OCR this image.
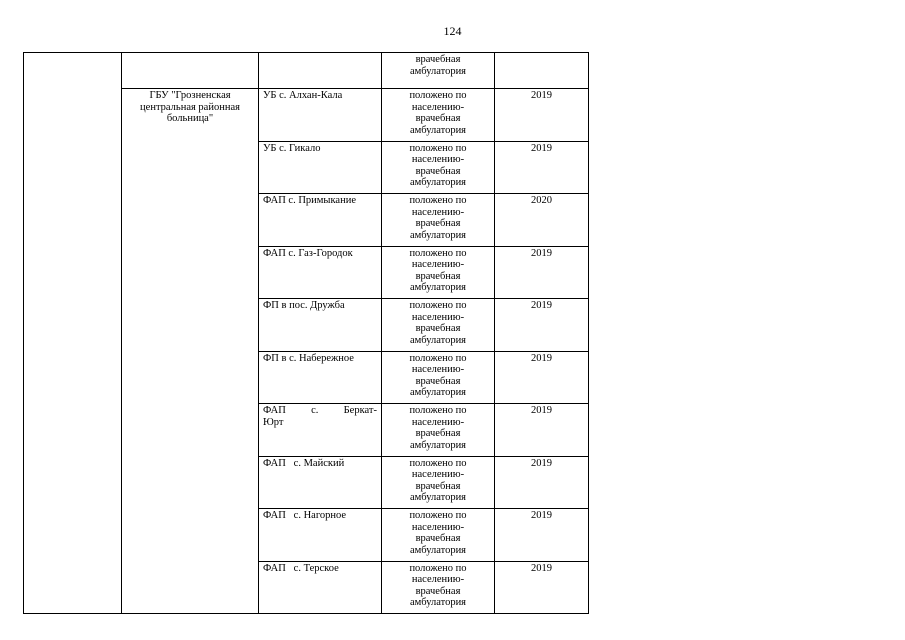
124

			врачебная
амбулатория	

	ГБУ "Грозненская
центральная районная
больница"	УБ с. Алхан-Кала	положено по
населению-
врачебная
амбулатория	2019

		УБ с. Гикало	положено по
населению-
врачебная
амбулатория	2019

		ФАП с. Примыкание	положено по
населению-
врачебная
амбулатория	2020

		ФАП с. Газ-Городок	положено по
населению-
врачебная
амбулатория	2019

		ФП в пос. Дружба	положено по
населению-
врачебная
амбулатория	2019

		ФП в с. Набережное	положено по
населению-
врачебная
амбулатория	2019

		ФАП с. Беркат-
Юрт	положено по
населению-
врачебная
амбулатория	2019

		ФАП   с. Майский	положено по
населению-
врачебная
амбулатория	2019

		ФАП   с. Нагорное	положено по
населению-
врачебная
амбулатория	2019

		ФАП   с. Терское	положено по
населению-
врачебная
амбулатория	2019
